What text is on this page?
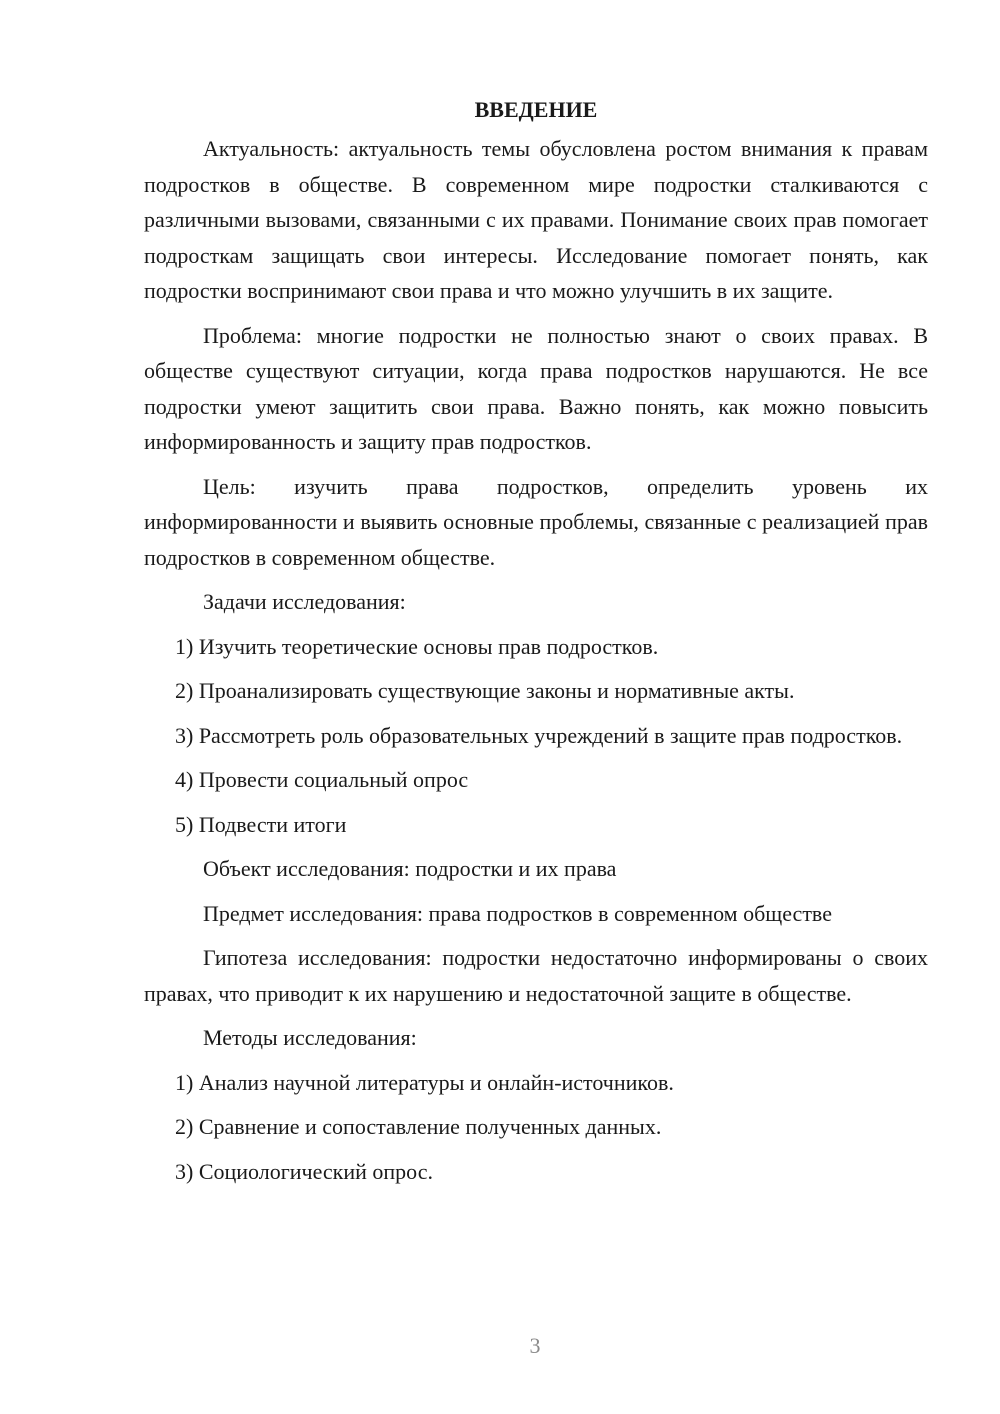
ВВЕДЕНИЕ

Актуальность: актуальность темы обусловлена ростом внимания к правам подростков в обществе. В современном мире подростки сталкиваются с различными вызовами, связанными с их правами. Понимание своих прав помогает подросткам защищать свои интересы. Исследование помогает понять, как подростки воспринимают свои права и что можно улучшить в их защите.

Проблема: многие подростки не полностью знают о своих правах. В обществе существуют ситуации, когда права подростков нарушаются. Не все подростки умеют защитить свои права. Важно понять, как можно повысить информированность и защиту прав подростков.

Цель: изучить права подростков, определить уровень их информированности и выявить основные проблемы, связанные с реализацией прав подростков в современном обществе.

Задачи исследования:

1) Изучить теоретические основы прав подростков.

2) Проанализировать существующие законы и нормативные акты.

3) Рассмотреть роль образовательных учреждений в защите прав подростков.

4) Провести социальный опрос

5) Подвести итоги

Объект исследования: подростки и их права

Предмет исследования: права подростков в современном обществе

Гипотеза исследования: подростки недостаточно информированы о своих правах, что приводит к их нарушению и недостаточной защите в обществе.

Методы исследования:

1) Анализ научной литературы и онлайн-источников.

2) Сравнение и сопоставление полученных данных.

3) Социологический опрос.

3
